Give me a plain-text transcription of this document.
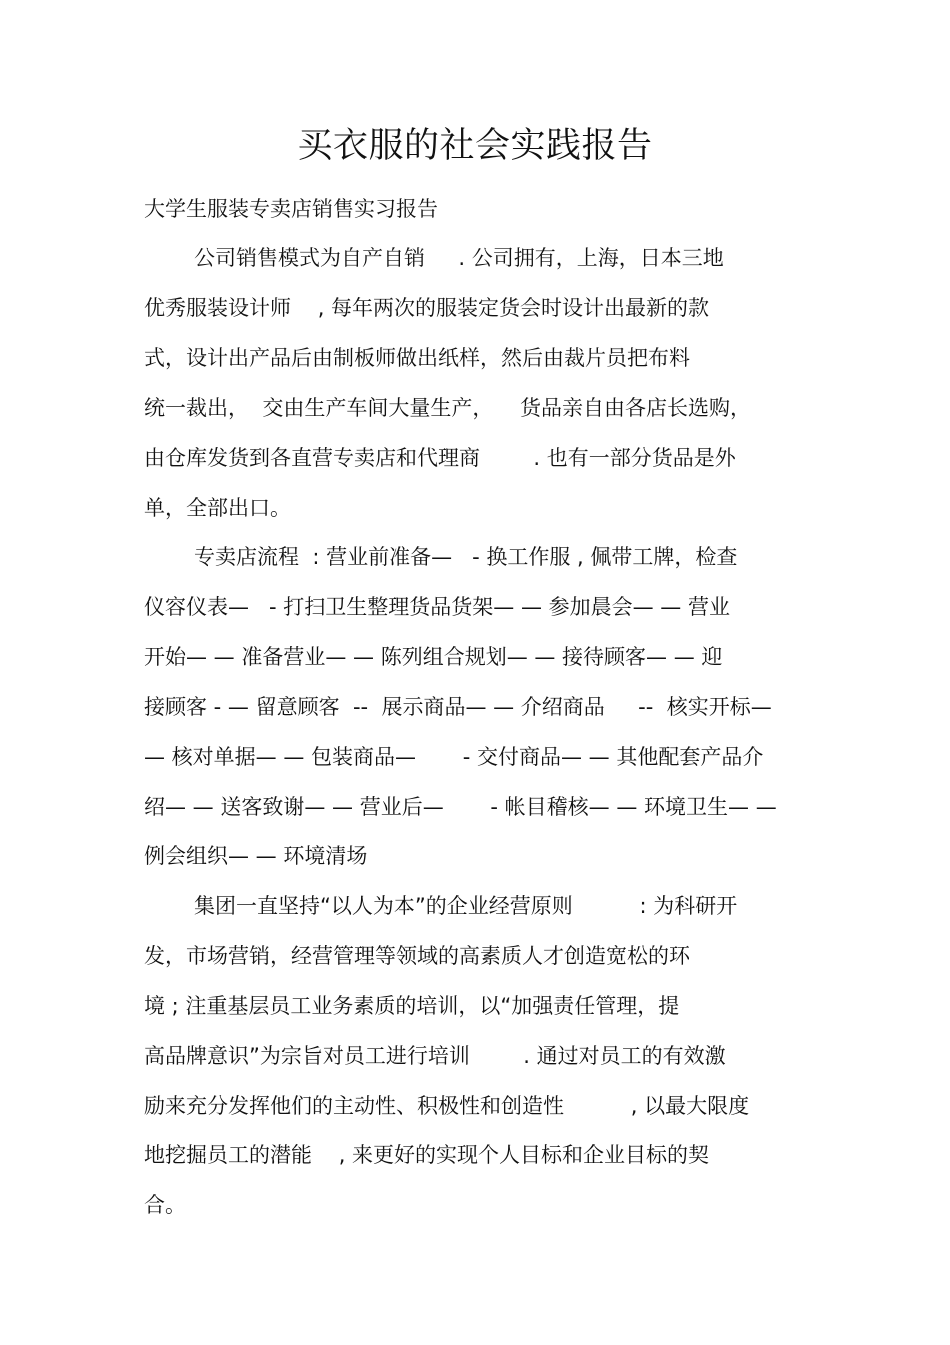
买衣服的社会实践报告

大学生服装专卖店销售实习报告

公司销售模式为自产自销     . 公司拥有，上海，日本三地

优秀服装设计师    , 每年两次的服装定货会时设计出最新的款

式，设计出产品后由制板师做出纸样，然后由裁片员把布料

统一裁出，  交由生产车间大量生产，    货品亲自由各店长选购，

由仓库发货到各直营专卖店和代理商        . 也有一部分货品是外

单，全部出口。

专卖店流程  : 营业前准备—   - 换工作服 , 佩带工牌，检查

仪容仪表—   - 打扫卫生整理货品货架— — 参加晨会— — 营业

开始— — 准备营业— — 陈列组合规划— — 接待顾客— — 迎

接顾客 - — 留意顾客  --  展示商品— — 介绍商品     --  核实开标—

— 核对单据— — 包装商品—       - 交付商品— — 其他配套产品介

绍— — 送客致谢— — 营业后—       - 帐目稽核— — 环境卫生— —

例会组织— — 环境清场

集团一直坚持“以人为本”的企业经营原则          : 为科研开

发，市场营销，经营管理等领域的高素质人才创造宽松的环

境 ; 注重基层员工业务素质的培训，以“加强责任管理，提

高品牌意识”为宗旨对员工进行培训        . 通过对员工的有效激

励来充分发挥他们的主动性、积极性和创造性          , 以最大限度

地挖掘员工的潜能    , 来更好的实现个人目标和企业目标的契

合。
